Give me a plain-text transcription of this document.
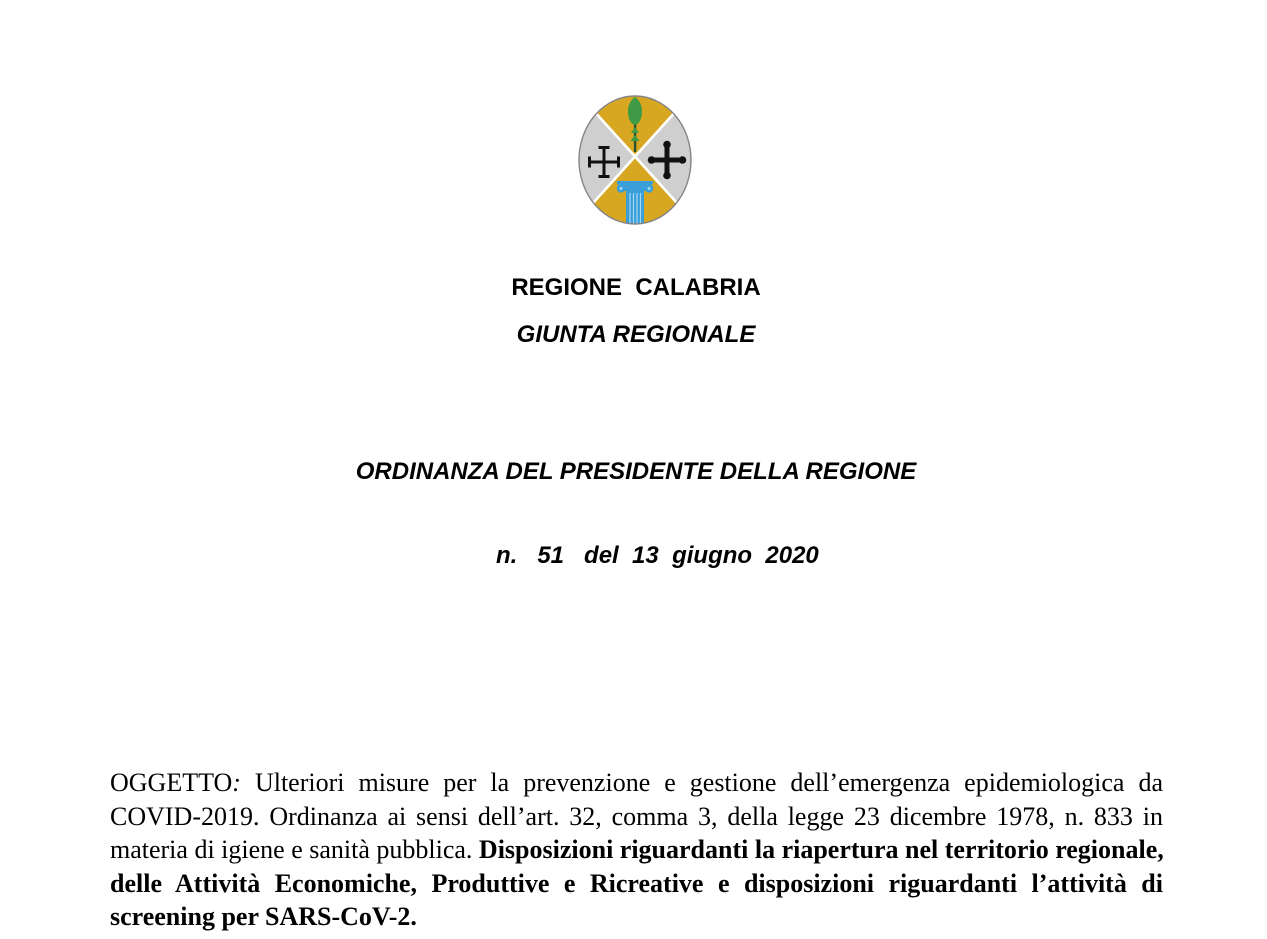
REGIONE  CALABRIA
GIUNTA REGIONALE
ORDINANZA DEL PRESIDENTE DELLA REGIONE
n.   51   del  13  giugno  2020
OGGETTO: Ulteriori misure per la prevenzione e gestione dell’emergenza epidemiologica da
COVID-2019. Ordinanza ai sensi dell’art. 32, comma 3, della legge 23 dicembre 1978, n. 833 in
materia di igiene e sanità pubblica. Disposizioni riguardanti la riapertura nel territorio regionale,
delle Attività Economiche, Produttive e Ricreative e disposizioni riguardanti l’attività di
screening per SARS-CoV-2.
